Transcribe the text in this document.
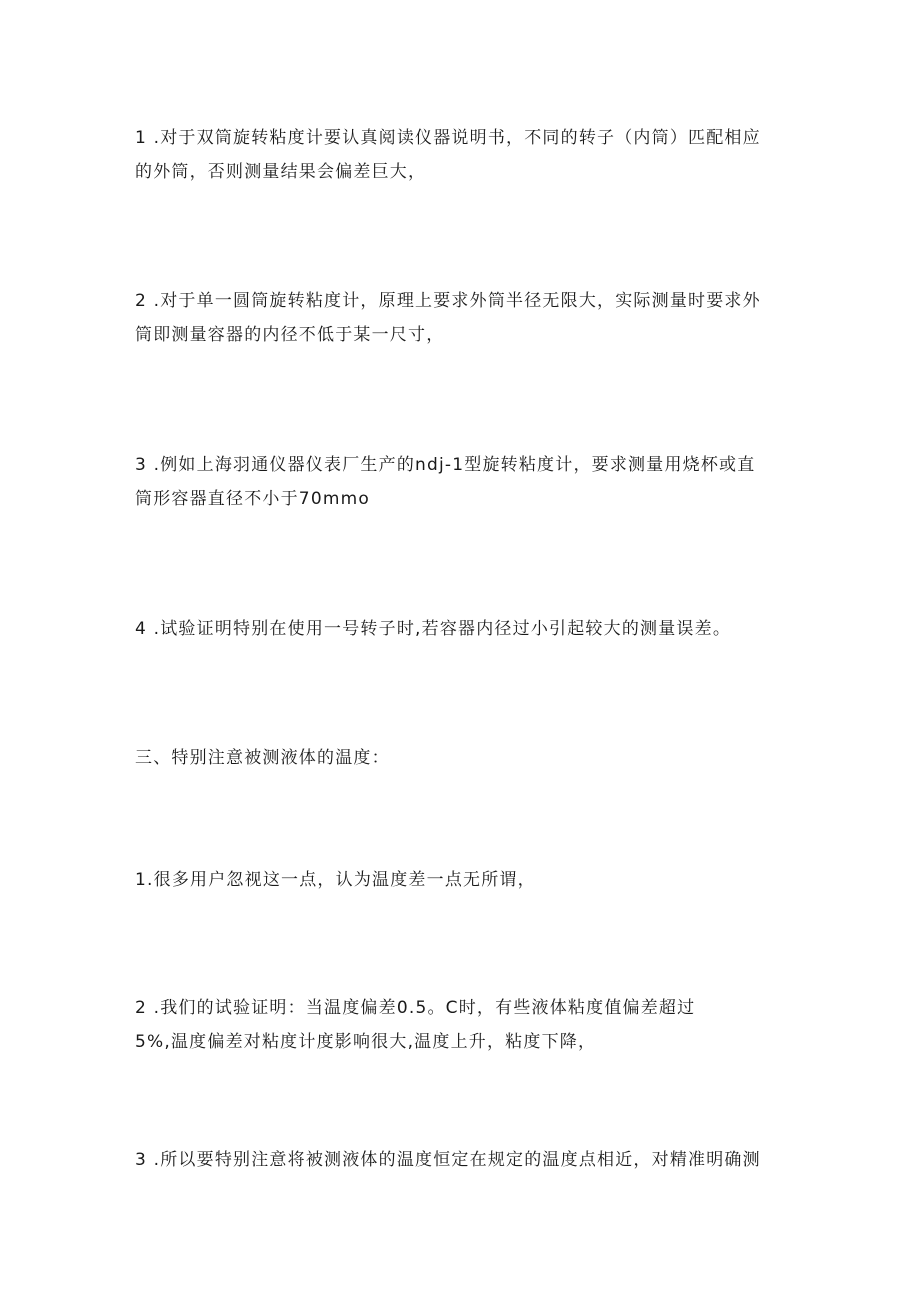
1 .对于双筒旋转粘度计要认真阅读仪器说明书，不同的转子（内筒）匹配相应
的外筒，否则测量结果会偏差巨大，
2 .对于单一圆筒旋转粘度计，原理上要求外筒半径无限大，实际测量时要求外
筒即测量容器的内径不低于某一尺寸，
3 .例如上海羽通仪器仪表厂生产的ndj-1型旋转粘度计，要求测量用烧杯或直
筒形容器直径不小于70mmo
4 .试验证明特别在使用一号转子时,若容器内径过小引起较大的测量误差。
三、特别注意被测液体的温度：
1.很多用户忽视这一点，认为温度差一点无所谓，
2 .我们的试验证明：当温度偏差0.5。C时，有些液体粘度值偏差超过
5%,温度偏差对粘度计度影响很大,温度上升，粘度下降，
3 .所以要特别注意将被测液体的温度恒定在规定的温度点相近，对精准明确测
